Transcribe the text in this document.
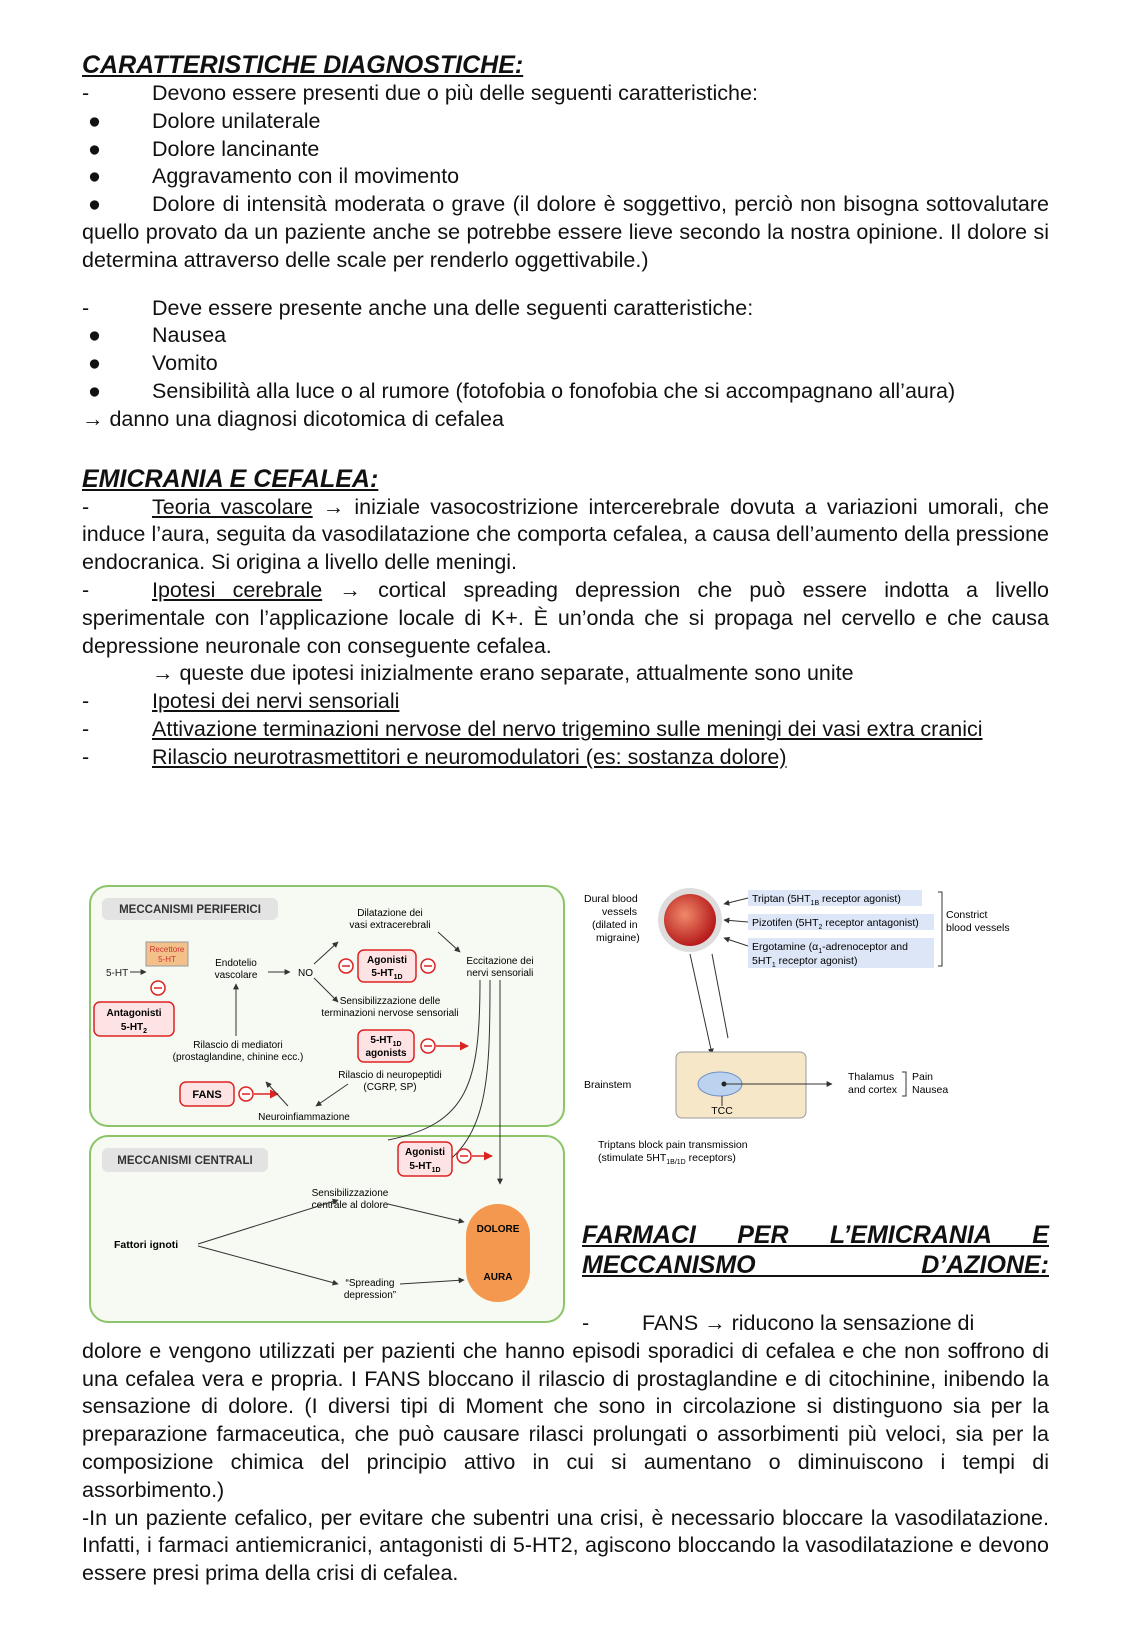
CARATTERISTICHE DIAGNOSTICHE:
-	Devono essere presenti due o più delle seguenti caratteristiche:
●	Dolore unilaterale
●	Dolore lancinante
●	Aggravamento con il movimento
● Dolore di intensità moderata o grave (il dolore è soggettivo, perciò non bisogna sottovalutare quello provato da un paziente anche se potrebbe essere lieve secondo la nostra opinione. Il dolore si determina attraverso delle scale per renderlo oggettivabile.)
-	Deve essere presente anche una delle seguenti caratteristiche:
●	Nausea
●	Vomito
●	Sensibilità alla luce o al rumore (fotofobia o fonofobia che si accompagnano all’aura)
→ danno una diagnosi dicotomica di cefalea
EMICRANIA E CEFALEA:
-	Teoria vascolare → iniziale vasocostrizione intercerebrale dovuta a variazioni umorali, che induce l’aura, seguita da vasodilatazione che comporta cefalea, a causa dell’aumento della pressione endocranica. Si origina a livello delle meningi.
-	Ipotesi cerebrale → cortical spreading depression che può essere indotta a livello sperimentale con l’applicazione locale di K+. È un’onda che si propaga nel cervello e che causa depressione neuronale con conseguente cefalea.
→ queste due ipotesi inizialmente erano separate, attualmente sono unite
-	Ipotesi dei nervi sensoriali
-	Attivazione terminazioni nervose del nervo trigemino sulle meningi dei vasi extra cranici
-	Rilascio neurotrasmettitori e neuromodulatori (es: sostanza dolore)
MECCANISMI PERIFERICI
MECCANISMI CENTRALI
Recettore
5-HT
5-HT
Endotelio
vascolare	NO
Dilatazione dei
vasi extracerebrali
Agonisti
$5-HT_{1D}$
Eccitazione dei
nervi sensoriali
Antagonisti
$5-HT_2$
Sensibilizzazione delle
terminazioni nervose sensoriali
Rilascio di mediatori
(prostaglandine, chinine ecc.)
$5-HT_{1D}$
agonists
Rilascio di neuropeptidi
(CGRP, SP)
FANS
Neuroinfiammazione
Agonisti
$5-HT_{1D}$
Sensibilizzazione
centrale al dolore
Fattori ignoti
DOLORE
AURA
“Spreading
depression”
Dural blood
vessels
(dilated in
migraine)
Triptan ($5HT_{1B}$ receptor agonist)
Pizotifen ($5HT_2$ receptor antagonist)
Ergotamine ($\alpha_1$-adrenoceptor and
$5HT_1$ receptor agonist)
Constrict
blood vessels
Brainstem
TCC
Thalamus
and cortex
Pain
Nausea
Triptans block pain transmission
(stimulate $5HT_{1B/1D}$ receptors)
FARMACI PER L’EMICRANIA E MECCANISMO D’AZIONE:
- FANS → riducono la sensazione di
dolore e vengono utilizzati per pazienti che hanno episodi sporadici di cefalea e che non soffrono di una cefalea vera e propria. I FANS bloccano il rilascio di prostaglandine e di citochinine, inibendo la sensazione di dolore. (I diversi tipi di Moment che sono in circolazione si distinguono sia per la preparazione farmaceutica, che può causare rilasci prolungati o assorbimenti più veloci, sia per la composizione chimica del principio attivo in cui si aumentano o diminuiscono i tempi di assorbimento.)
-In un paziente cefalico, per evitare che subentri una crisi, è necessario bloccare la vasodilatazione. Infatti, i farmaci antiemicranici, antagonisti di 5-HT2, agiscono bloccando la vasodilatazione e devono essere presi prima della crisi di cefalea.
